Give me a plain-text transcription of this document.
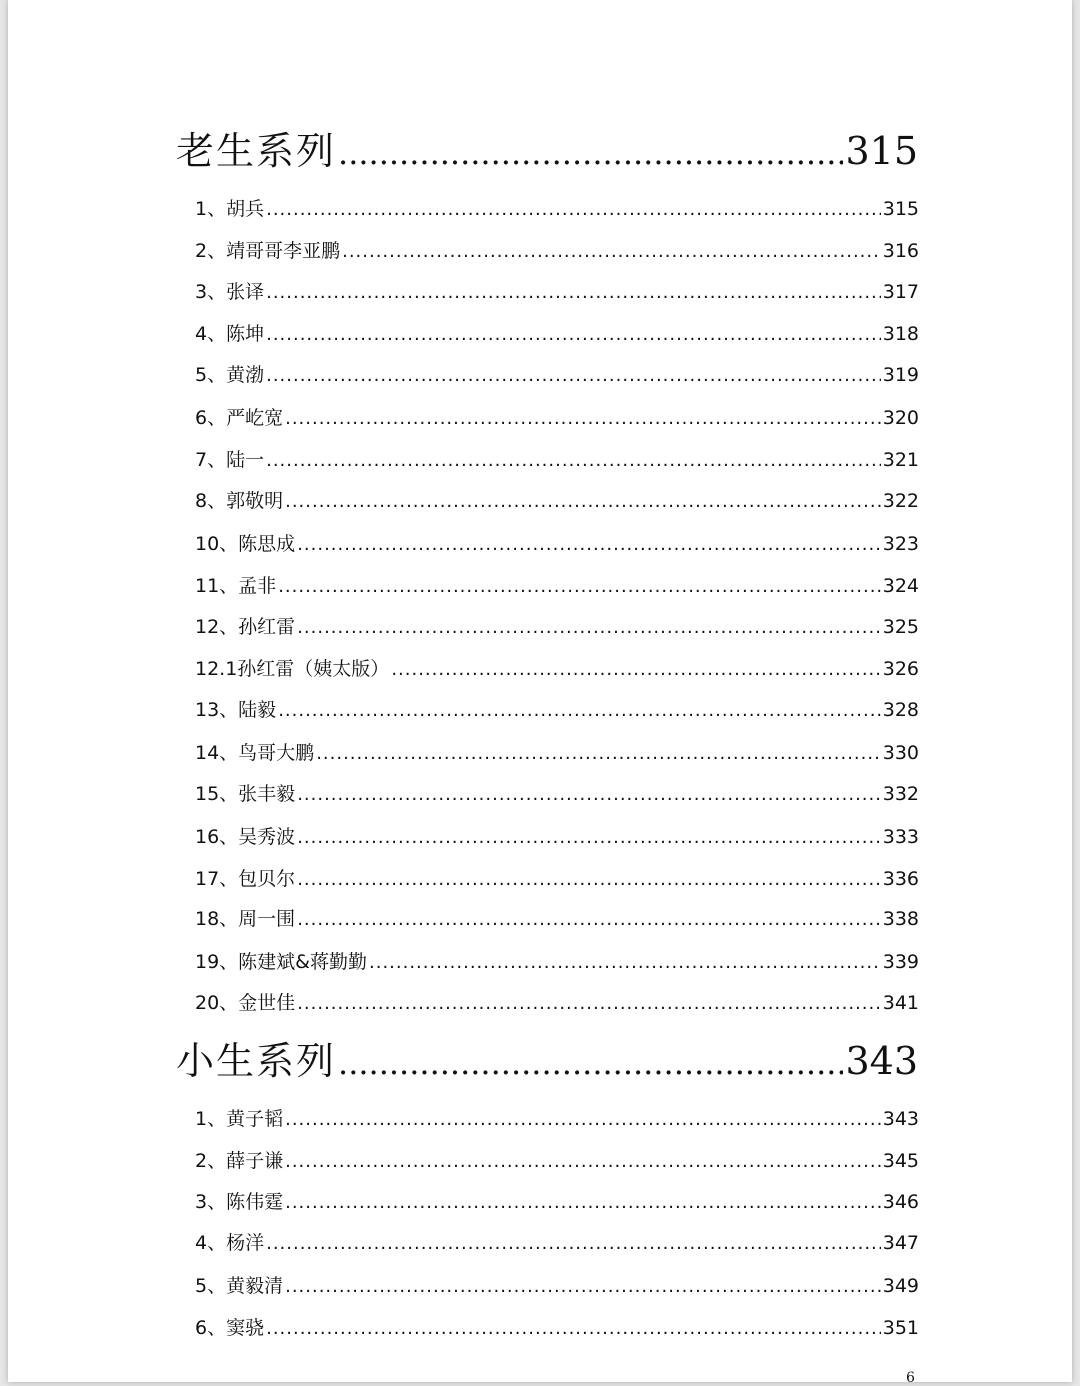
老生系列 .....	315
1、胡兵 .....	315
2、靖哥哥李亚鹏 .....	316
3、张译 .....	317
4、陈坤 .....	318
5、黄渤 .....	319
6、严屹宽 .....	320
7、陆一 .....	321
8、郭敬明 .....	322
10、陈思成 .....	323
11、孟非 .....	324
12、孙红雷 .....	325
12.1孙红雷（姨太版） .....	326
13、陆毅 .....	328
14、鸟哥大鹏 .....	330
15、张丰毅 .....	332
16、吴秀波 .....	333
17、包贝尔 .....	336
18、周一围 .....	338
19、陈建斌&蒋勤勤 .....	339
20、金世佳 .....	341
小生系列 .....	343
1、黄子韬 .....	343
2、薛子谦 .....	345
3、陈伟霆 .....	346
4、杨洋 .....	347
5、黄毅清 .....	349
6、窦骁 .....	351
6
